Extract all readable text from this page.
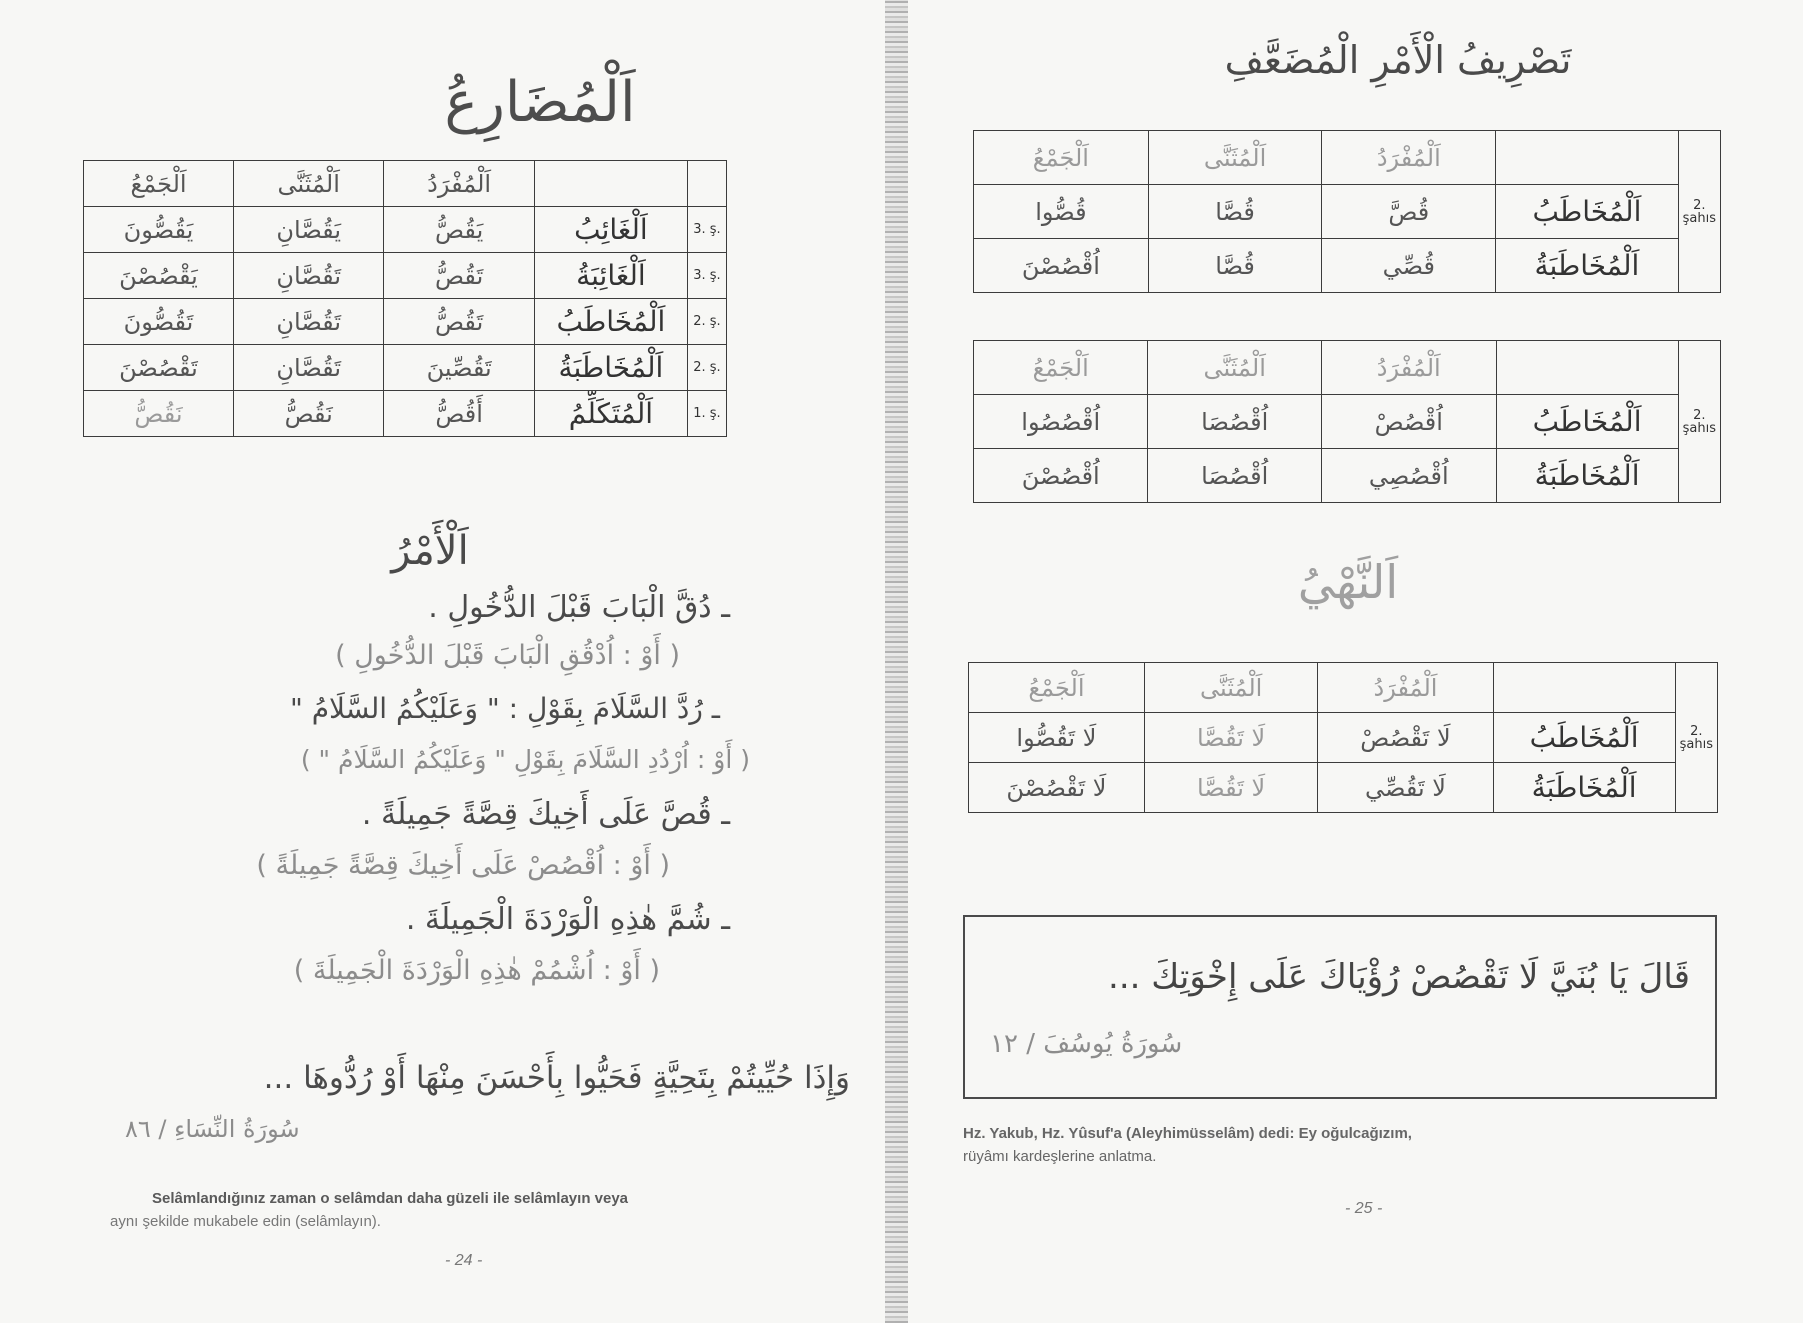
اَلْمُضَارِعُ
اَلْجَمْعُ	اَلْمُثَنَّى	اَلْمُفْرَدُ		
يَقُصُّونَ	يَقُصَّانِ	يَقُصُّ	اَلْغَائِبُ	3. ş.
يَقْصُصْنَ	تَقُصَّانِ	تَقُصُّ	اَلْغَائِبَةُ	3. ş.
تَقُصُّونَ	تَقُصَّانِ	تَقُصُّ	اَلْمُخَاطَبُ	2. ş.
تَقْصُصْنَ	تَقُصَّانِ	تَقُصِّينَ	اَلْمُخَاطَبَةُ	2. ş.
نَقُصُّ	نَقُصُّ	أَقُصُّ	اَلْمُتَكَلِّمُ	1. ş.
اَلْأَمْرُ
ـ دُقَّ الْبَابَ قَبْلَ الدُّخُولِ .
( أَوْ : اُدْقُقِ الْبَابَ قَبْلَ الدُّخُولِ )
ـ رُدَّ السَّلَامَ بِقَوْلِ : " وَعَلَيْكُمُ السَّلَامُ "
( أَوْ : اُرْدُدِ السَّلَامَ بِقَوْلِ " وَعَلَيْكُمُ السَّلَامُ " )
ـ قُصَّ عَلَى أَخِيكَ قِصَّةً جَمِيلَةً .
( أَوْ : اُقْصُصْ عَلَى أَخِيكَ قِصَّةً جَمِيلَةً )
ـ شُمَّ هٰذِهِ الْوَرْدَةَ الْجَمِيلَةَ .
( أَوْ : اُشْمُمْ هٰذِهِ الْوَرْدَةَ الْجَمِيلَةَ )
وَإِذَا حُيِّيتُمْ بِتَحِيَّةٍ فَحَيُّوا بِأَحْسَنَ مِنْهَا أَوْ رُدُّوهَا ...
سُورَةُ النِّسَاءِ / ٨٦
Selâmlandığınız zaman o selâmdan daha güzeli ile selâmlayın veya
aynı şekilde mukabele edin (selâmlayın).
- 24 -
تَصْرِيفُ الْأَمْرِ الْمُضَعَّفِ
اَلْجَمْعُ	اَلْمُثَنَّى	اَلْمُفْرَدُ		2. şahıs
قُصُّوا	قُصَّا	قُصَّ	اَلْمُخَاطَبُ	
اُقْصُصْنَ	قُصَّا	قُصِّي	اَلْمُخَاطَبَةُ	
اَلْجَمْعُ	اَلْمُثَنَّى	اَلْمُفْرَدُ		2. şahıs
اُقْصُصُوا	اُقْصُصَا	اُقْصُصْ	اَلْمُخَاطَبُ	
اُقْصُصْنَ	اُقْصُصَا	اُقْصُصِي	اَلْمُخَاطَبَةُ	
اَلنَّهْيُ
اَلْجَمْعُ	اَلْمُثَنَّى	اَلْمُفْرَدُ		2. şahıs
لَا تَقُصُّوا	لَا تَقُصَّا	لَا تَقْصُصْ	اَلْمُخَاطَبُ	
لَا تَقْصُصْنَ	لَا تَقُصَّا	لَا تَقُصِّي	اَلْمُخَاطَبَةُ	
قَالَ يَا بُنَيَّ لَا تَقْصُصْ رُؤْيَاكَ عَلَى إِخْوَتِكَ ...
سُورَةُ يُوسُفَ / ١٢
Hz. Yakub, Hz. Yûsuf'a (Aleyhimüsselâm) dedi: Ey oğulcağızım,
rüyâmı kardeşlerine anlatma.
- 25 -
